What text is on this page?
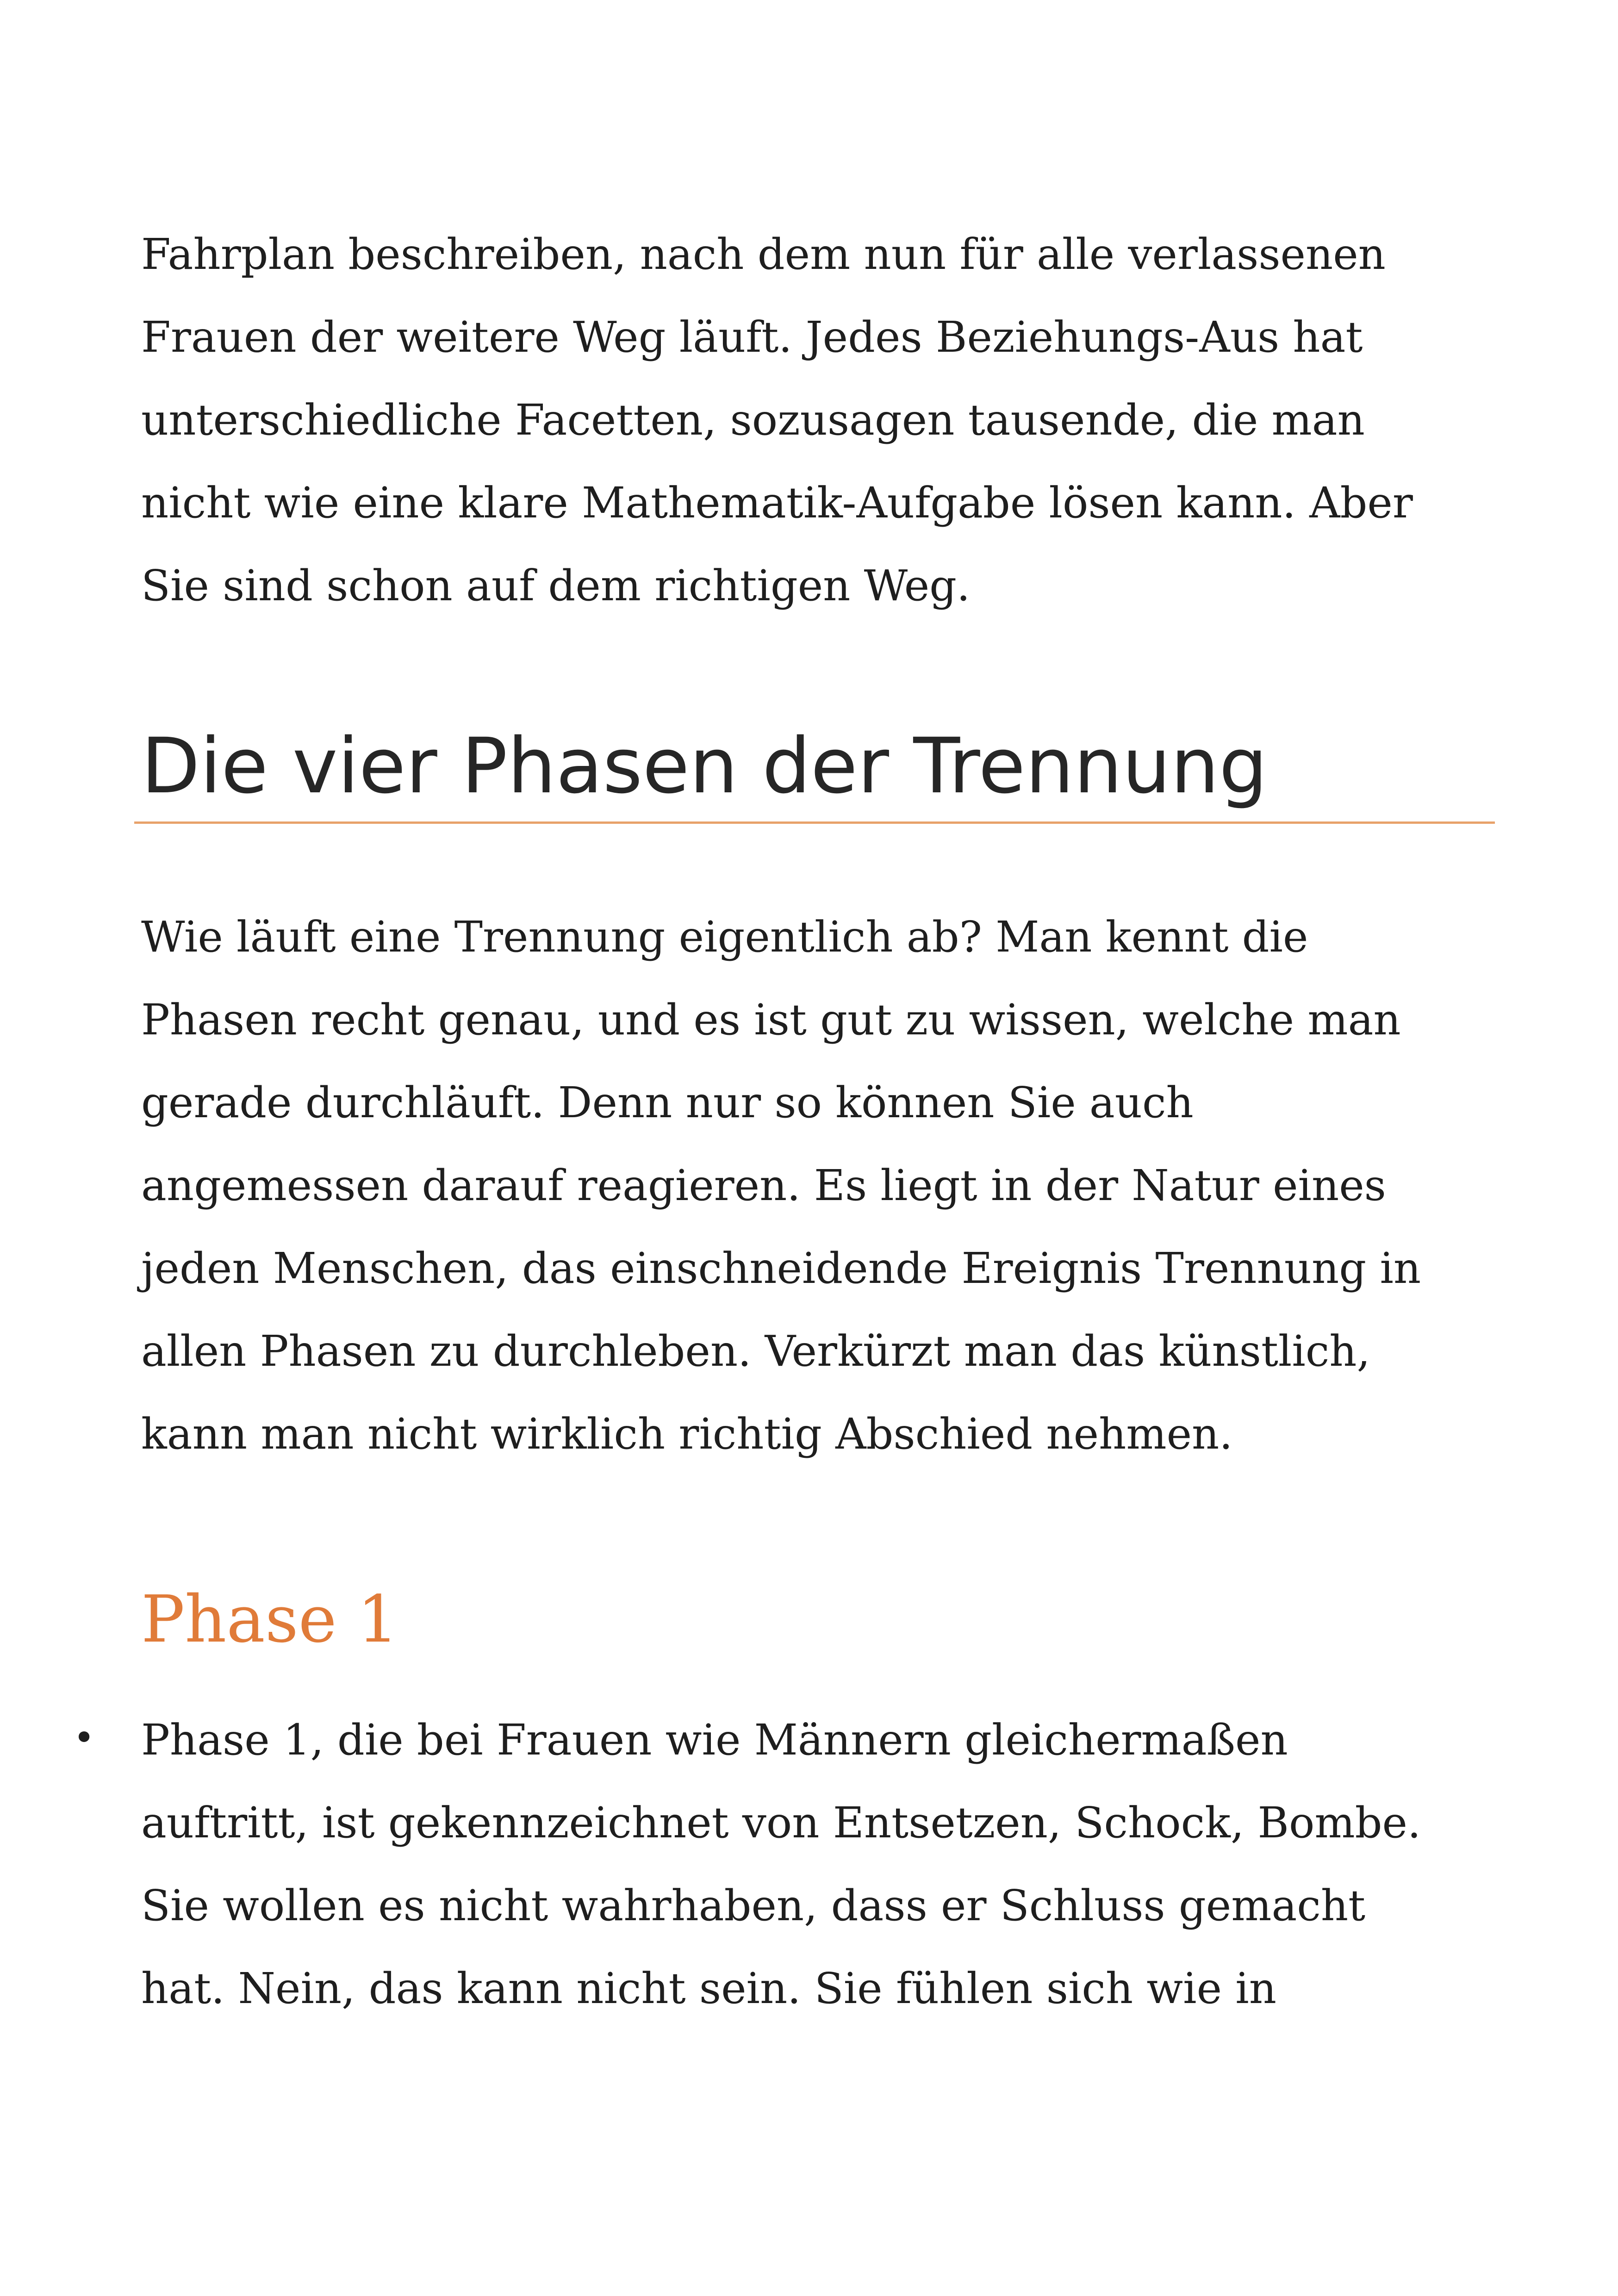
Fahrplan beschreiben, nach dem nun für alle verlassenen
Frauen der weitere Weg läuft. Jedes Beziehungs-Aus hat
unterschiedliche Facetten, sozusagen tausende, die man
nicht wie eine klare Mathematik-Aufgabe lösen kann. Aber
Sie sind schon auf dem richtigen Weg.

Die vier Phasen der Trennung

Wie läuft eine Trennung eigentlich ab? Man kennt die
Phasen recht genau, und es ist gut zu wissen, welche man
gerade durchläuft. Denn nur so können Sie auch
angemessen darauf reagieren. Es liegt in der Natur eines
jeden Menschen, das einschneidende Ereignis Trennung in
allen Phasen zu durchleben. Verkürzt man das künstlich,
kann man nicht wirklich richtig Abschied nehmen.

Phase 1
• Phase 1, die bei Frauen wie Männern gleichermaßen
auftritt, ist gekennzeichnet von Entsetzen, Schock, Bombe.
Sie wollen es nicht wahrhaben, dass er Schluss gemacht
hat. Nein, das kann nicht sein. Sie fühlen sich wie in
